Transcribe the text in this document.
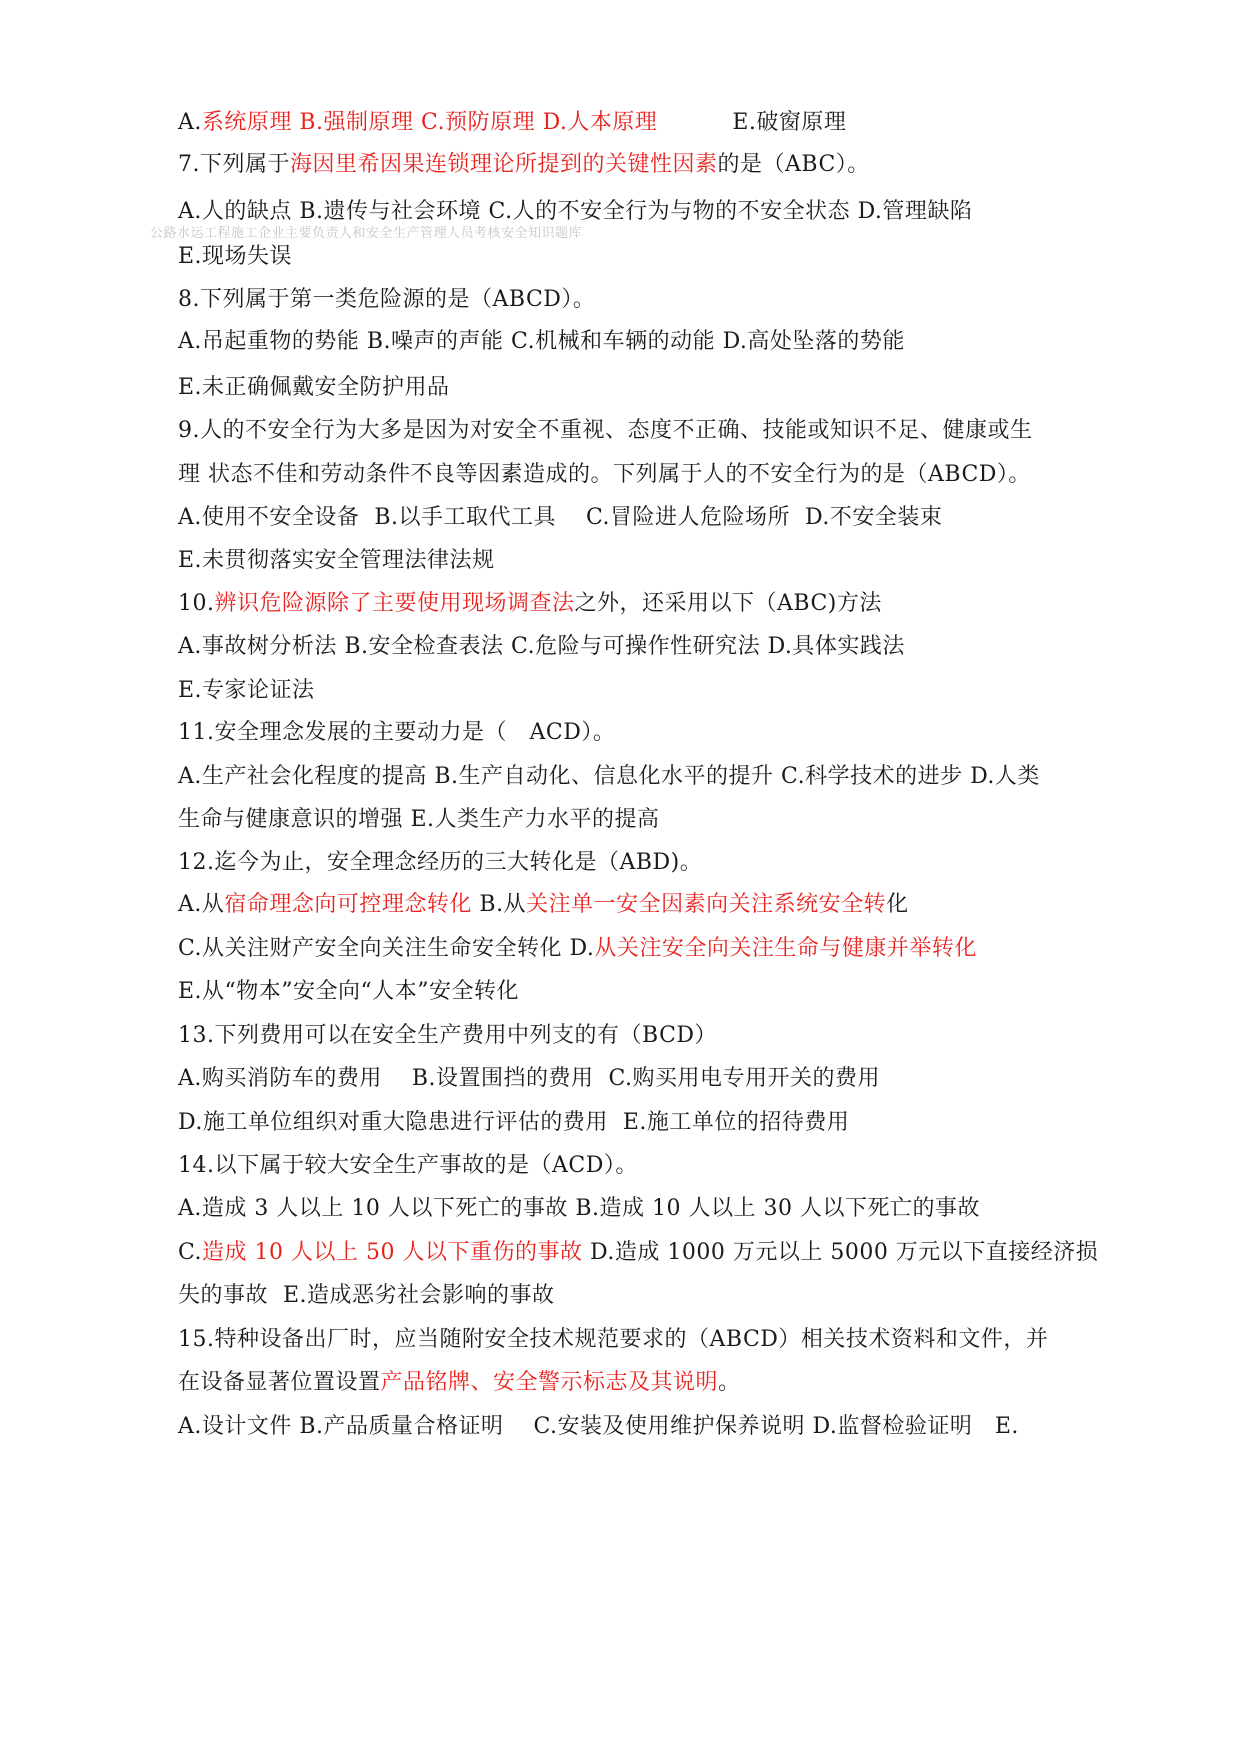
公路水运工程施工企业主要负责人和安全生产管理人员考核安全知识题库
A.系统原理 B.强制原理 C.预防原理 D.人本原理          E.破窗原理
7.下列属于海因里希因果连锁理论所提到的关键性因素的是（ABC）。
A.人的缺点 B.遗传与社会环境 C.人的不安全行为与物的不安全状态 D.管理缺陷
E.现场失误
8.下列属于第一类危险源的是（ABCD）。
A.吊起重物的势能 B.噪声的声能 C.机械和车辆的动能 D.高处坠落的势能
E.未正确佩戴安全防护用品
9.人的不安全行为大多是因为对安全不重视、态度不正确、技能或知识不足、健康或生
理 状态不佳和劳动条件不良等因素造成的。下列属于人的不安全行为的是（ABCD）。
A.使用不安全设备  B.以手工取代工具    C.冒险进人危险场所  D.不安全装束
E.未贯彻落实安全管理法律法规
10.辨识危险源除了主要使用现场调查法之外，还采用以下（ABC)方法
A.事故树分析法 B.安全检查表法 C.危险与可操作性研究法 D.具体实践法
E.专家论证法
11.安全理念发展的主要动力是（   ACD）。
A.生产社会化程度的提高 B.生产自动化、信息化水平的提升 C.科学技术的进步 D.人类
生命与健康意识的增强 E.人类生产力水平的提高
12.迄今为止，安全理念经历的三大转化是（ABD)。
A.从宿命理念向可控理念转化 B.从关注单一安全因素向关注系统安全转化
C.从关注财产安全向关注生命安全转化 D.从关注安全向关注生命与健康并举转化
E.从“物本”安全向“人本”安全转化
13.下列费用可以在安全生产费用中列支的有（BCD）
A.购买消防车的费用    B.设置围挡的费用  C.购买用电专用开关的费用
D.施工单位组织对重大隐患进行评估的费用  E.施工单位的招待费用
14.以下属于较大安全生产事故的是（ACD）。
A.造成 3 人以上 10 人以下死亡的事故 B.造成 10 人以上 30 人以下死亡的事故
C.造成 10 人以上 50 人以下重伤的事故 D.造成 1000 万元以上 5000 万元以下直接经济损
失的事故  E.造成恶劣社会影响的事故
15.特种设备出厂时，应当随附安全技术规范要求的（ABCD）相关技术资料和文件，并
在设备显著位置设置产品铭牌、安全警示标志及其说明。
A.设计文件 B.产品质量合格证明    C.安装及使用维护保养说明 D.监督检验证明   E.
